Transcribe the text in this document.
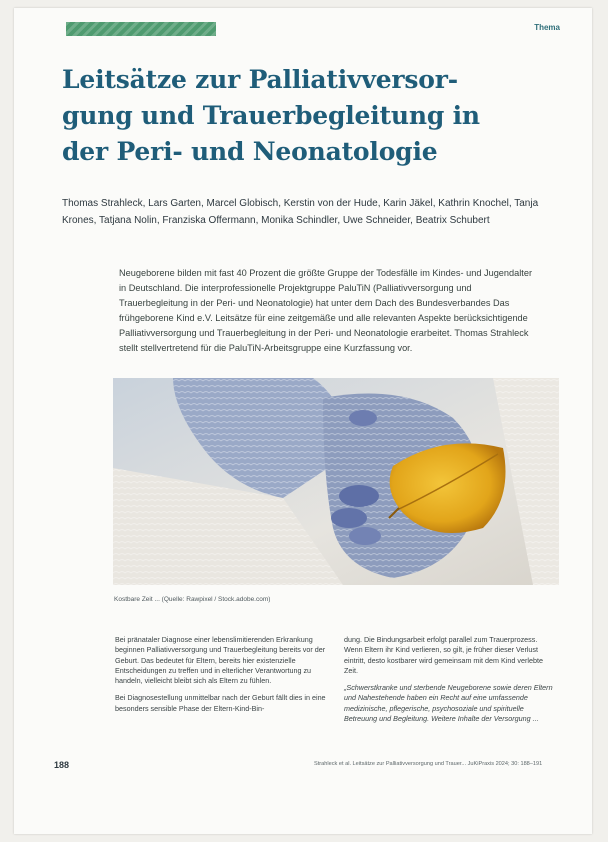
Thema
Leitsätze zur Palliativversor-
gung und Trauerbegleitung in
der Peri- und Neonatologie

Thomas Strahleck, Lars Garten, Marcel Globisch, Kerstin von der Hude, Karin Jäkel, Kathrin Knochel, Tanja Krones, Tatjana Nolin, Franziska Offermann, Monika Schindler, Uwe Schneider, Beatrix Schubert

Neugeborene bilden mit fast 40 Prozent die größte Gruppe der Todesfälle im Kindes- und Jugendalter in Deutschland. Die interprofessionelle Projektgruppe PaluTiN (Palliativversorgung und Trauerbegleitung in der Peri- und Neonatologie) hat unter dem Dach des Bundesverbandes Das frühgeborene Kind e.V. Leitsätze für eine zeitgemäße und alle relevanten Aspekte berücksichtigende Palliativversorgung und Trauerbegleitung in der Peri- und Neonatologie erarbeitet. Thomas Strahleck stellt stellvertretend für die PaluTiN-Arbeitsgruppe eine Kurzfassung vor.

Kostbare Zeit ... (Quelle: Rawpixel / Stock.adobe.com)

Bei pränataler Diagnose einer lebenslimitierenden Erkrankung beginnen Palliativversorgung und Trauerbegleitung bereits vor der Geburt. Das bedeutet für Eltern, bereits hier existenzielle Entscheidungen zu treffen und in elterlicher Verantwortung zu handeln, vielleicht bleibt sich als Eltern zu fühlen.

Bei Diagnosestellung unmittelbar nach der Geburt fällt dies in eine besonders sensible Phase der Eltern-Kind-Bin-

dung. Die Bindungsarbeit erfolgt parallel zum Trauerprozess. Wenn Eltern ihr Kind verlieren, so gilt, je früher dieser Verlust eintritt, desto kostbarer wird gemeinsam mit dem Kind verlebte Zeit.

„Schwerstkranke und sterbende Neugeborene sowie deren Eltern und Nahestehende haben ein Recht auf eine umfassende medizinische, pflegerische, psychosoziale und spirituelle Betreuung und Begleitung. Weitere Inhalte der Versorgung ...

188	Strahleck et al. Leitsätze zur Palliativversorgung und Trauer... JuKiPraxis 2024; 30: 188–191
